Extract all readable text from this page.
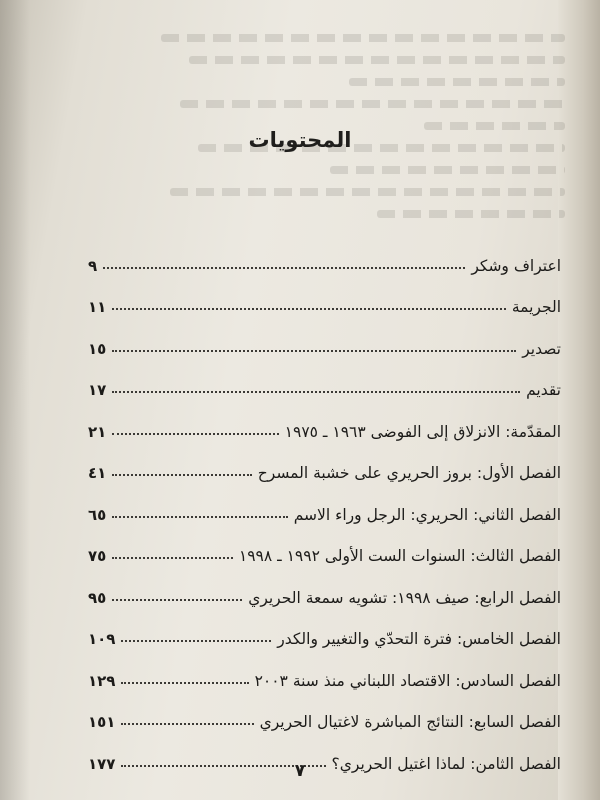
المحتويات
اعتراف وشكر
٩
الجريمة
١١
تصدير
١٥
تقديم
١٧
المقدّمة: الانزلاق إلى الفوضى ١٩٦٣ ـ ١٩٧٥
٢١
الفصل الأول: بروز الحريري على خشبة المسرح
٤١
الفصل الثاني: الحريري: الرجل وراء الاسم
٦٥
الفصل الثالث: السنوات الست الأولى ١٩٩٢ ـ ١٩٩٨
٧٥
الفصل الرابع: صيف ١٩٩٨: تشويه سمعة الحريري
٩٥
الفصل الخامس: فترة التحدّي والتغيير والكدر
١٠٩
الفصل السادس: الاقتصاد اللبناني منذ سنة ٢٠٠٣
١٢٩
الفصل السابع: النتائج المباشرة لاغتيال الحريري
١٥١
الفصل الثامن: لماذا اغتيل الحريري؟
١٧٧	٧
